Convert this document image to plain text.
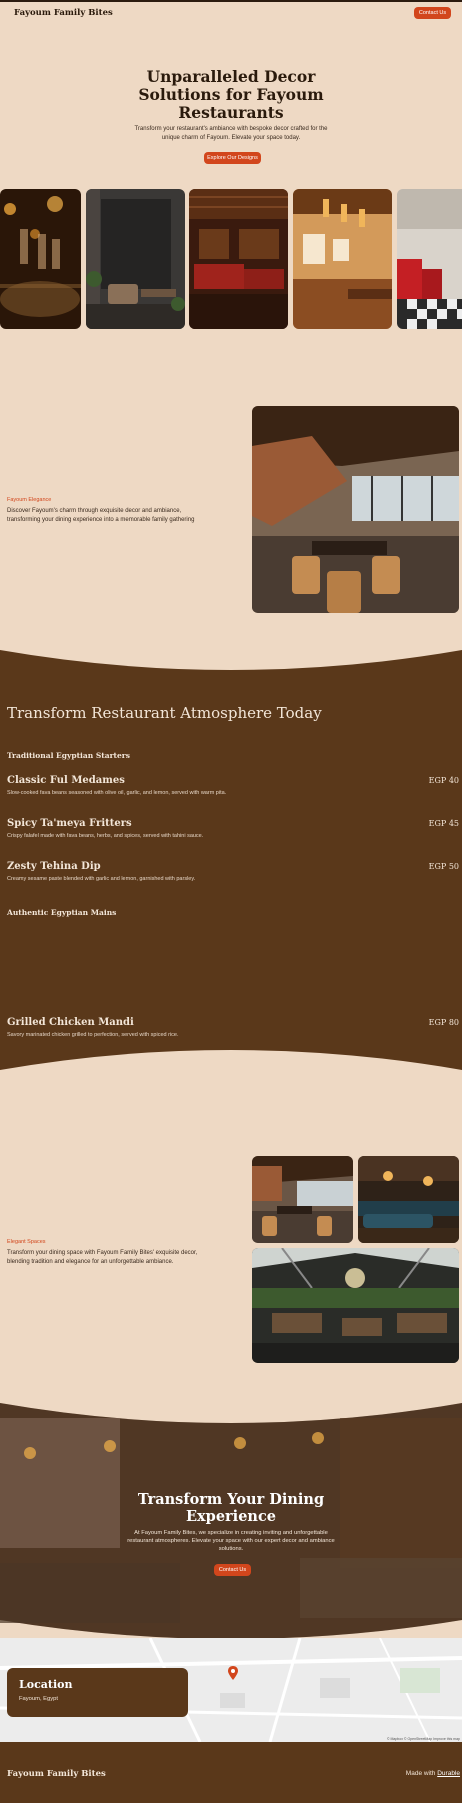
Fayoum Family Bites	Contact Us
Unparalleled Decor Solutions for Fayoum Restaurants
Transform your restaurant's ambiance with bespoke decor crafted for the unique charm of Fayoum. Elevate your space today.
Explore Our Designs
Fayoum Elegance
Discover Fayoum's charm through exquisite decor and ambiance, transforming your dining experience into a memorable family gathering
Transform Restaurant Atmosphere Today
Traditional Egyptian Starters
Classic Ful Medames	EGP 40
Slow-cooked fava beans seasoned with olive oil, garlic, and lemon, served with warm pita.
Spicy Ta'meya Fritters	EGP 45
Crispy falafel made with fava beans, herbs, and spices, served with tahini sauce.
Zesty Tehina Dip	EGP 50
Creamy sesame paste blended with garlic and lemon, garnished with parsley.
Authentic Egyptian Mains
Grilled Chicken Mandi	EGP 80
Savory marinated chicken grilled to perfection, served with spiced rice.
Elegant Spaces
Transform your dining space with Fayoum Family Bites' exquisite decor, blending tradition and elegance for an unforgettable ambiance.
Transform Your Dining Experience
At Fayoum Family Bites, we specialize in creating inviting and unforgettable restaurant atmospheres. Elevate your space with our expert decor and ambiance solutions.
Contact Us
© Mapbox © OpenStreetMap Improve this map
Location
Fayoum, Egypt
Fayoum Family Bites	Made with Durable
